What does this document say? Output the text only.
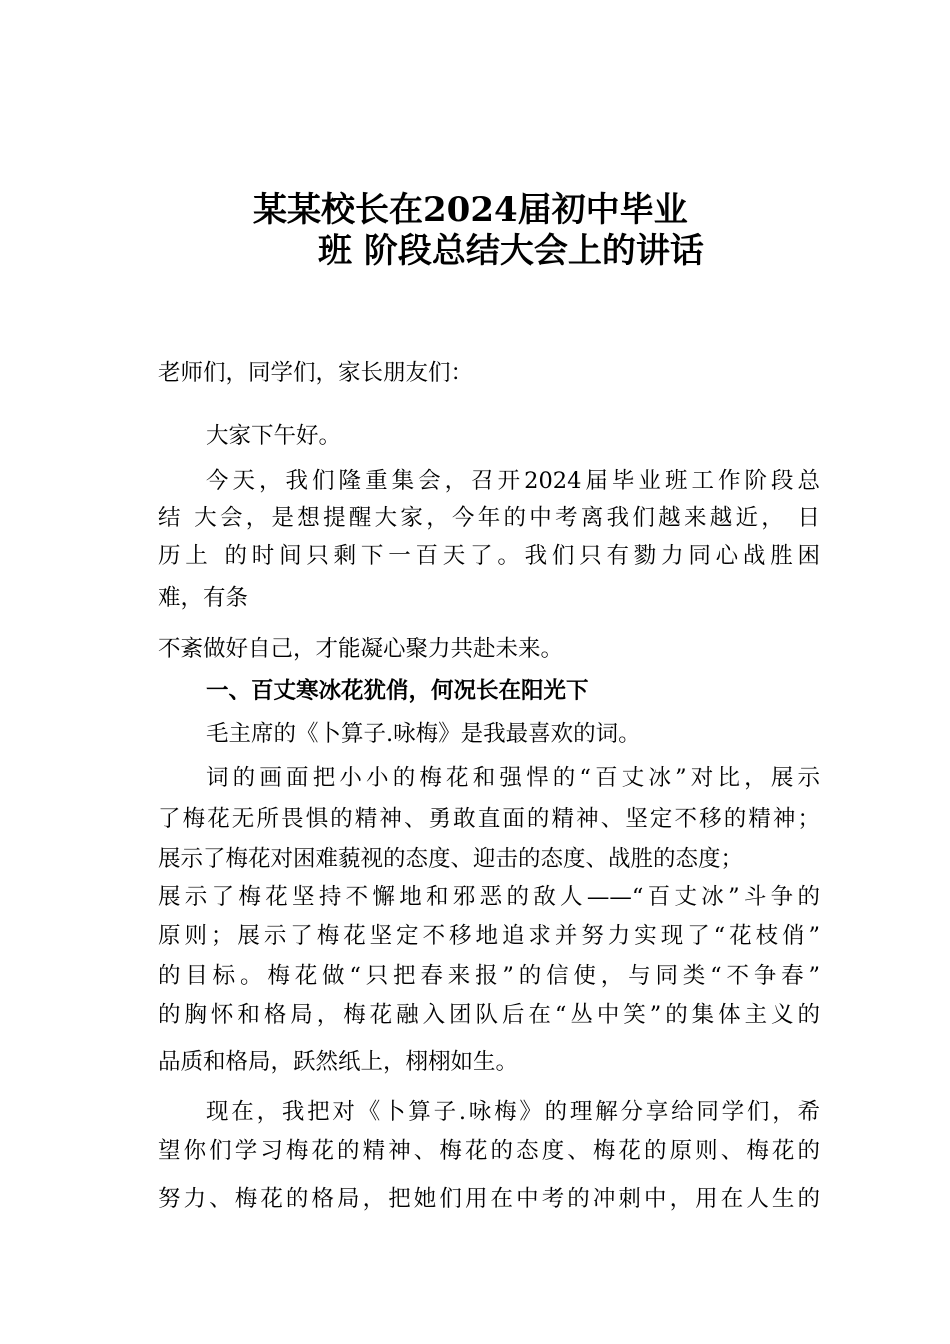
某某校长在2024届初中毕业
班 阶段总结大会上的讲话

老师们，同学们，家长朋友们：

大家下午好。

今天，我们隆重集会，召开2024届毕业班工作阶段总

结 大会，是想提醒大家，今年的中考离我们越来越近， 日

历上 的时间只剩下一百天了。我们只有勠力同心战胜困

难，有条

不紊做好自己，才能凝心聚力共赴未来。

一、百丈寒冰花犹俏，何况长在阳光下

毛主席的《卜算子.咏梅》是我最喜欢的词。

词的画面把小小的梅花和强悍的“百丈冰”对比，展示

了梅花无所畏惧的精神、勇敢直面的精神、坚定不移的精神；

展示了梅花对困难藐视的态度、迎击的态度、战胜的态度；

展示了梅花坚持不懈地和邪恶的敌人——“百丈冰”斗争的

原则；展示了梅花坚定不移地追求并努力实现了“花枝俏”

的目标。梅花做“只把春来报”的信使，与同类“不争春”

的胸怀和格局，梅花融入团队后在“丛中笑”的集体主义的

品质和格局，跃然纸上，栩栩如生。

现在，我把对《卜算子.咏梅》的理解分享给同学们，希

望你们学习梅花的精神、梅花的态度、梅花的原则、梅花的

努力、梅花的格局，把她们用在中考的冲刺中，用在人生的
